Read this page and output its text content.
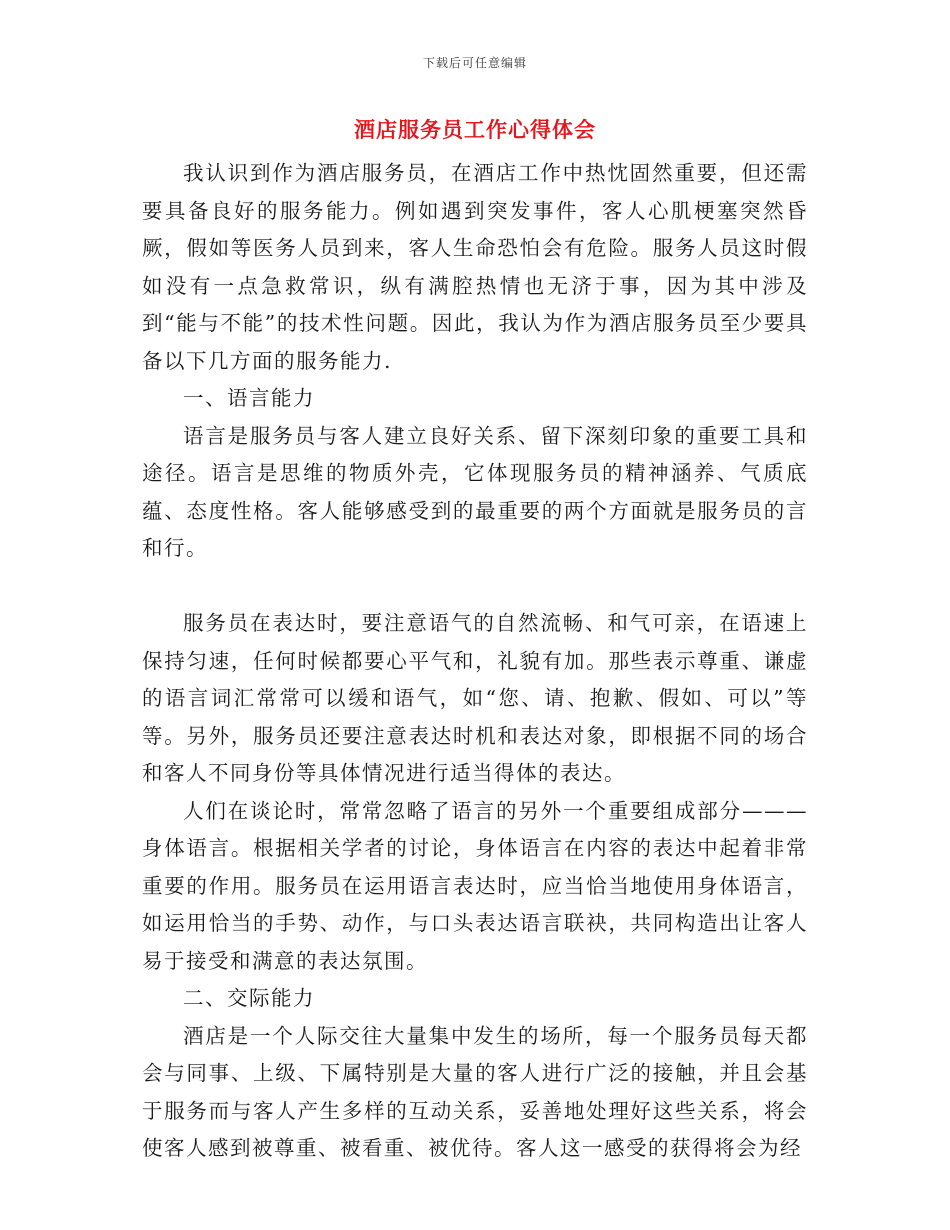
下载后可任意编辑
酒店服务员工作心得体会

我认识到作为酒店服务员，在酒店工作中热忱固然重要，但还需要具备良好的服务能力。例如遇到突发事件，客人心肌梗塞突然昏厥，假如等医务人员到来，客人生命恐怕会有危险。服务人员这时假如没有一点急救常识，纵有满腔热情也无济于事，因为其中涉及到“能与不能”的技术性问题。因此，我认为作为酒店服务员至少要具备以下几方面的服务能力.

一、语言能力

语言是服务员与客人建立良好关系、留下深刻印象的重要工具和途径。语言是思维的物质外壳，它体现服务员的精神涵养、气质底蕴、态度性格。客人能够感受到的最重要的两个方面就是服务员的言和行。

服务员在表达时，要注意语气的自然流畅、和气可亲，在语速上保持匀速，任何时候都要心平气和，礼貌有加。那些表示尊重、谦虚的语言词汇常常可以缓和语气，如“您、请、抱歉、假如、可以”等等。另外，服务员还要注意表达时机和表达对象，即根据不同的场合和客人不同身份等具体情况进行适当得体的表达。

人们在谈论时，常常忽略了语言的另外一个重要组成部分———身体语言。根据相关学者的讨论，身体语言在内容的表达中起着非常重要的作用。服务员在运用语言表达时，应当恰当地使用身体语言，如运用恰当的手势、动作，与口头表达语言联袂，共同构造出让客人易于接受和满意的表达氛围。

二、交际能力

酒店是一个人际交往大量集中发生的场所，每一个服务员每天都会与同事、上级、下属特别是大量的客人进行广泛的接触，并且会基于服务而与客人产生多样的互动关系，妥善地处理好这些关系，将会使客人感到被尊重、被看重、被优待。客人这一感受的获得将会为经
